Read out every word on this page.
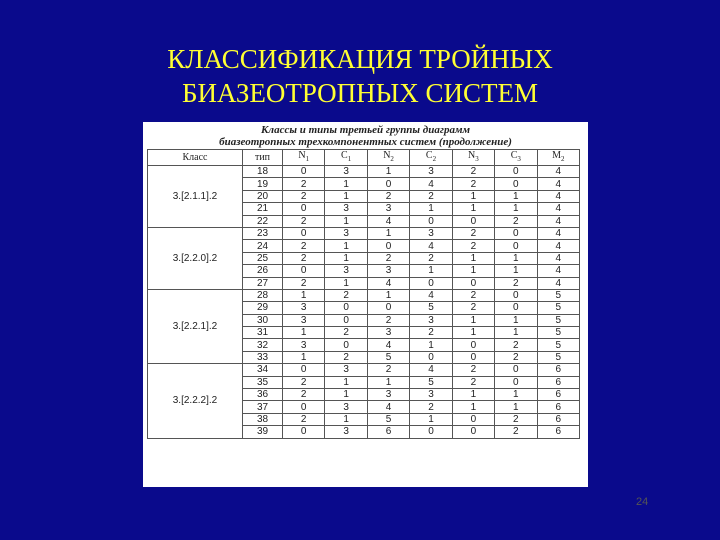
КЛАССИФИКАЦИЯ ТРОЙНЫХ
БИАЗЕОТРОПНЫХ СИСТЕМ
Классы и типы третьей группы диаграмм
биазеотропных трехкомпонентных систем (продолжение)
Класс	тип	$N_1$	$C_1$	$N_2$	$C_2$	$N_3$	$C_3$	$M_2$
3.[2.1.1].2	18	0	3	1	3	2	0	4
	19	2	1	0	4	2	0	4
	20	2	1	2	2	1	1	4
	21	0	3	3	1	1	1	4
	22	2	1	4	0	0	2	4
3.[2.2.0].2	23	0	3	1	3	2	0	4
	24	2	1	0	4	2	0	4
	25	2	1	2	2	1	1	4
	26	0	3	3	1	1	1	4
	27	2	1	4	0	0	2	4
3.[2.2.1].2	28	1	2	1	4	2	0	5
	29	3	0	0	5	2	0	5
	30	3	0	2	3	1	1	5
	31	1	2	3	2	1	1	5
	32	3	0	4	1	0	2	5
	33	1	2	5	0	0	2	5
3.[2.2.2].2	34	0	3	2	4	2	0	6
	35	2	1	1	5	2	0	6
	36	2	1	3	3	1	1	6
	37	0	3	4	2	1	1	6
	38	2	1	5	1	0	2	6
	39	0	3	6	0	0	2	6
24
